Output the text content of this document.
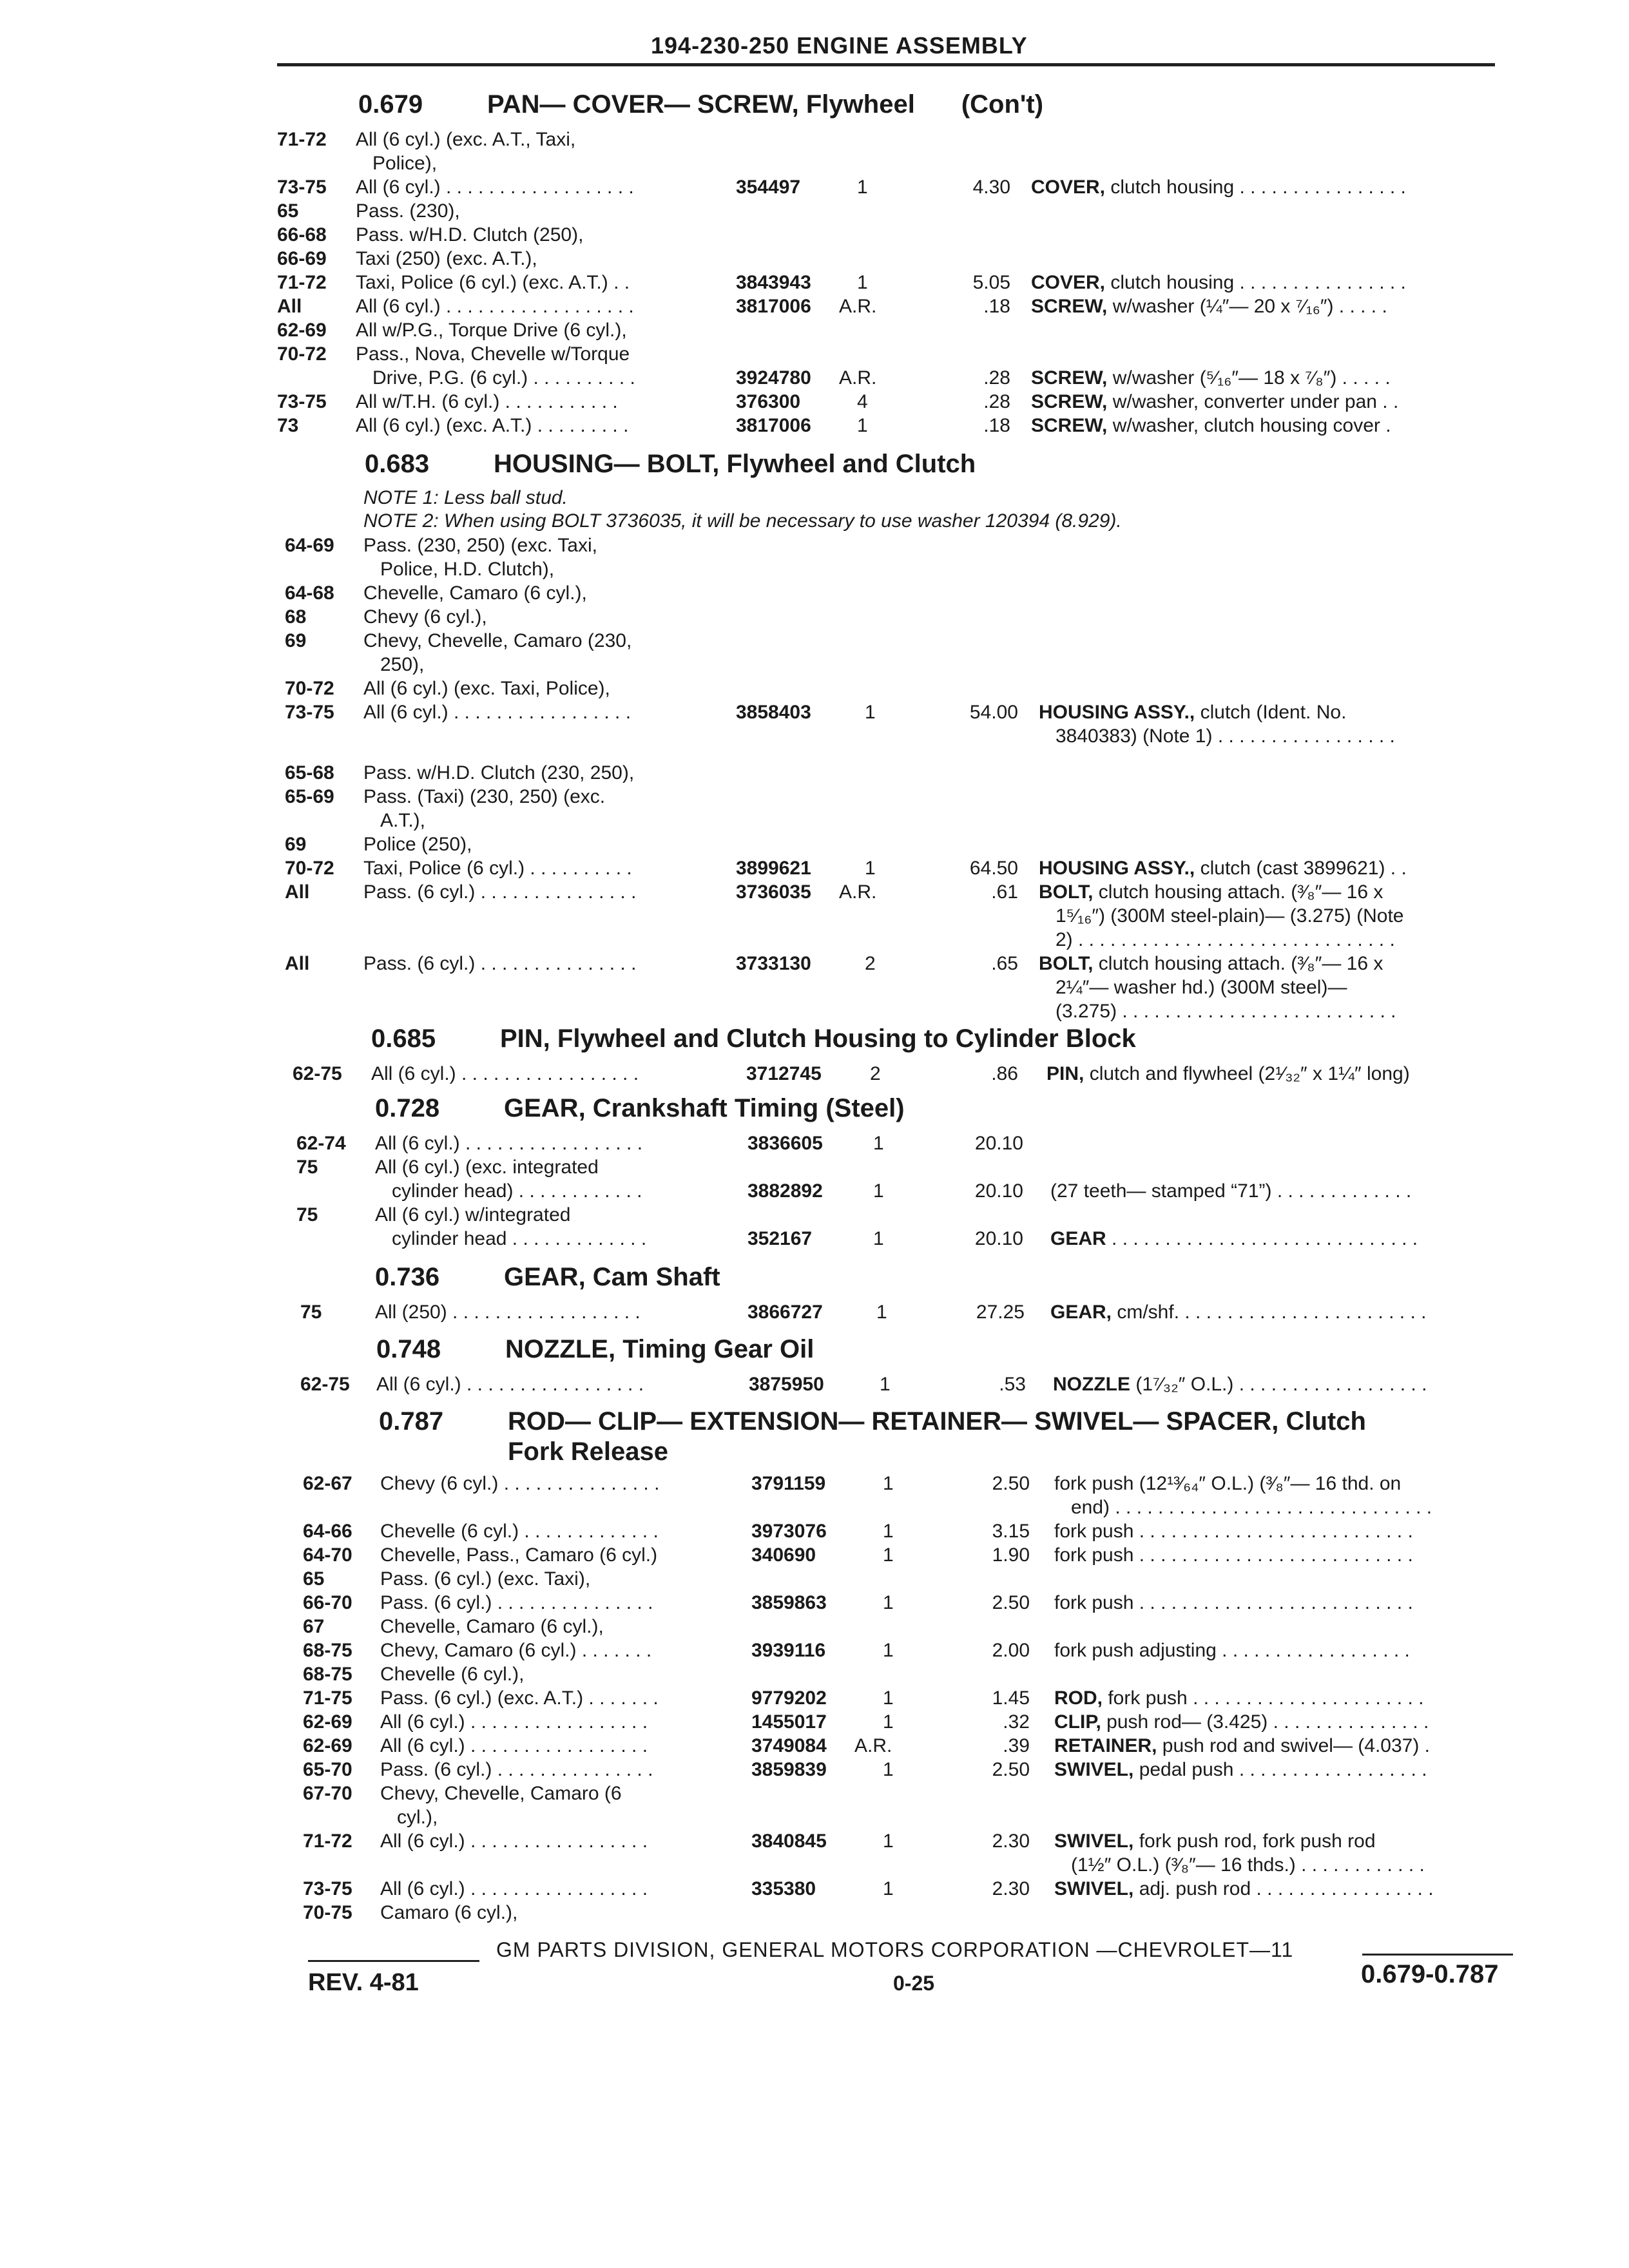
194-230-250 ENGINE ASSEMBLY
0.679 PAN— COVER— SCREW, Flywheel (Con't)
71-72 All (6 cyl.) (exc. A.T., Taxi,
Police),
73-75 All (6 cyl.) . . . . . . . . . . . . . . . . . .	354497	1	4.30 COVER, clutch housing . . . . . . . . . . . . . . . .
65	Pass. (230),
66-68 Pass. w/H.D. Clutch (250),
66-69 Taxi (250) (exc. A.T.),
71-72 Taxi, Police (6 cyl.) (exc. A.T.) . .	3843943 1	5.05 COVER, clutch housing . . . . . . . . . . . . . . . .
All	All (6 cyl.) . . . . . . . . . . . . . . . . . .	3817006 A.R.	.18 SCREW, w/washer (¼″— 20 x ⁷⁄₁₆″) . . . . .
62-69 All w/P.G., Torque Drive (6 cyl.),
70-72 Pass., Nova, Chevelle w/Torque
Drive, P.G. (6 cyl.) . . . . . . . . . .	3924780 A.R.	.28 SCREW, w/washer (⁵⁄₁₆″— 18 x ⁷⁄₈″) . . . . .
73-75 All w/T.H. (6 cyl.) . . . . . . . . . . .	376300	4	.28 SCREW, w/washer, converter under pan . .
73	All (6 cyl.) (exc. A.T.) . . . . . . . . .	3817006 1	.18 SCREW, w/washer, clutch housing cover .
0.683 HOUSING— BOLT, Flywheel and Clutch
NOTE 1: Less ball stud.
NOTE 2: When using BOLT 3736035, it will be necessary to use washer 120394 (8.929).
64-69 Pass. (230, 250) (exc. Taxi,
Police, H.D. Clutch),
64-68 Chevelle, Camaro (6 cyl.),
68	Chevy (6 cyl.),
69	Chevy, Chevelle, Camaro (230,
250),
70-72 All (6 cyl.) (exc. Taxi, Police),
73-75 All (6 cyl.) . . . . . . . . . . . . . . . . .	3858403	1	54.00 HOUSING ASSY., clutch (Ident. No.
3840383) (Note 1) . . . . . . . . . . . . . . . . .
65-68 Pass. w/H.D. Clutch (230, 250),
65-69 Pass. (Taxi) (230, 250) (exc.
A.T.),
69	Police (250),
70-72 Taxi, Police (6 cyl.) . . . . . . . . . .	3899621	1	64.50 HOUSING ASSY., clutch (cast 3899621) . .
All	Pass. (6 cyl.) . . . . . . . . . . . . . . .	3736035 A.R.	.61 BOLT, clutch housing attach. (³⁄₈″— 16 x
1⁵⁄₁₆″) (300M steel-plain)— (3.275) (Note
2) . . . . . . . . . . . . . . . . . . . . . . . . . . . . . .
All	Pass. (6 cyl.) . . . . . . . . . . . . . . .	3733130	2	.65 BOLT, clutch housing attach. (³⁄₈″— 16 x
2¼″— washer hd.) (300M steel)—
(3.275) . . . . . . . . . . . . . . . . . . . . . . . . . .
0.685 PIN, Flywheel and Clutch Housing to Cylinder Block
62-75 All (6 cyl.) . . . . . . . . . . . . . . . . .	3712745	2	.86 PIN, clutch and flywheel (2¹⁄₃₂″ x 1¼″ long)
0.728 GEAR, Crankshaft Timing (Steel)
62-74 All (6 cyl.) . . . . . . . . . . . . . . . . .	3836605	1	20.10
75	All (6 cyl.) (exc. integrated
cylinder head) . . . . . . . . . . . .	3882892	1	20.10 (27 teeth— stamped “71”) . . . . . . . . . . . . .
75	All (6 cyl.) w/integrated
cylinder head . . . . . . . . . . . . .	352167	1	20.10 GEAR . . . . . . . . . . . . . . . . . . . . . . . . . . . . .
0.736 GEAR, Cam Shaft
75	All (250) . . . . . . . . . . . . . . . . . .	3866727	1	27.25 GEAR, cm/shf. . . . . . . . . . . . . . . . . . . . . . . .
0.748 NOZZLE, Timing Gear Oil
62-75 All (6 cyl.) . . . . . . . . . . . . . . . . .	3875950	1	.53 NOZZLE (1⁷⁄₃₂″ O.L.) . . . . . . . . . . . . . . . . . .
0.787 ROD— CLIP— EXTENSION— RETAINER— SWIVEL— SPACER, Clutch
Fork Release
62-67 Chevy (6 cyl.) . . . . . . . . . . . . . . .	3791159	1	2.50 fork push (12¹³⁄₆₄″ O.L.) (³⁄₈″— 16 thd. on
end) . . . . . . . . . . . . . . . . . . . . . . . . . . . . . .
64-66 Chevelle (6 cyl.) . . . . . . . . . . . . .	3973076	1	3.15 fork push . . . . . . . . . . . . . . . . . . . . . . . . . .
64-70 Chevelle, Pass., Camaro (6 cyl.)	340690	1	1.90 fork push . . . . . . . . . . . . . . . . . . . . . . . . . .
65	Pass. (6 cyl.) (exc. Taxi),
66-70 Pass. (6 cyl.) . . . . . . . . . . . . . . .	3859863	1	2.50 fork push . . . . . . . . . . . . . . . . . . . . . . . . . .
67	Chevelle, Camaro (6 cyl.),
68-75 Chevy, Camaro (6 cyl.) . . . . . . .	3939116	1	2.00 fork push adjusting . . . . . . . . . . . . . . . . . .
68-75 Chevelle (6 cyl.),
71-75 Pass. (6 cyl.) (exc. A.T.) . . . . . . .	9779202	1	1.45 ROD, fork push . . . . . . . . . . . . . . . . . . . . . .
62-69 All (6 cyl.) . . . . . . . . . . . . . . . . .	1455017	1	.32 CLIP, push rod— (3.425) . . . . . . . . . . . . . . .
62-69 All (6 cyl.) . . . . . . . . . . . . . . . . .	3749084 A.R.	.39 RETAINER, push rod and swivel— (4.037) .
65-70 Pass. (6 cyl.) . . . . . . . . . . . . . . .	3859839	1	2.50 SWIVEL, pedal push . . . . . . . . . . . . . . . . . .
67-70 Chevy, Chevelle, Camaro (6
cyl.),
71-72 All (6 cyl.) . . . . . . . . . . . . . . . . .	3840845	1	2.30 SWIVEL, fork push rod, fork push rod
(1½″ O.L.) (³⁄₈″— 16 thds.) . . . . . . . . . . . .
73-75 All (6 cyl.) . . . . . . . . . . . . . . . . .	335380	1	2.30 SWIVEL, adj. push rod . . . . . . . . . . . . . . . . .
70-75 Camaro (6 cyl.),
GM PARTS DIVISION, GENERAL MOTORS CORPORATION —CHEVROLET—11
REV. 4-81	0-25	0.679-0.787
